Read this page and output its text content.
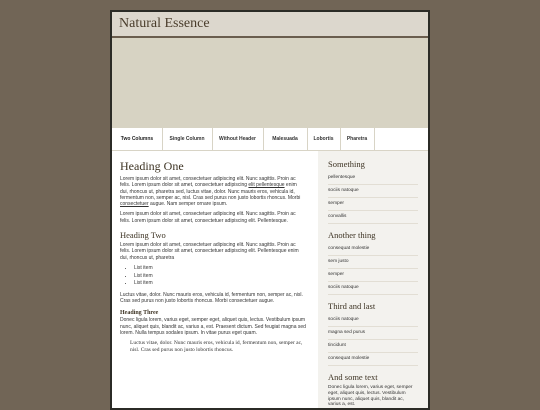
Natural Essence
Two Columns	Single Column	Without Header	Malesuada	Lobortis	Pharetra
Heading One

Lorem ipsum dolor sit amet, consectetuer adipiscing elit. Nunc sagittis. Proin ac felis. Lorem ipsum dolor sit amet, consectetuer adipiscing elit pellentesque enim dui, rhoncus ut, pharetra sed, luctus vitae, dolor. Nunc mauris eros, vehicula id, fermentum non, semper ac, nisl. Cras sed purus non justo lobortis rhoncus. Morbi consectetuer augue. Nam semper ornare ipsum.

Lorem ipsum dolor sit amet, consectetuer adipiscing elit. Nunc sagittis. Proin ac felis. Lorem ipsum dolor sit amet, consectetuer adipiscing elit. Pellentesque.

Heading Two

Lorem ipsum dolor sit amet, consectetuer adipiscing elit. Nunc sagittis. Proin ac felis. Lorem ipsum dolor sit amet, consectetuer adipiscing elit. Pellentesque enim dui, rhoncus ut, pharetra

• List item
• List item
• List item

Luctus vitae, dolor. Nunc mauris eros, vehicula id, fermentum non, semper ac, nisl. Cras sed purus non justo lobortis rhoncus. Morbi consectetuer augue.

Heading Three

Donec ligula lorem, varius eget, semper eget, aliquet quis, lectus. Vestibulum ipsum nunc, aliquet quis, blandit ac, varius a, est. Praesent dictum. Sed feugiat magna sed lorem. Nulla tempus sodales ipsum. In vitae purus eget quam.

Luctus vitae, dolor. Nunc mauris eros, vehicula id, fermentum non, semper ac, nisl. Cras sed purus non justo lobortis rhoncus.
Something
pellentesque
sociis natoque
semper
convallis
Another thing
consequat molestie
sem justo
semper
sociis natoque
Third and last
sociis natoque
magna sed purus
tincidunt
consequat molestie
And some text

Donec ligula lorem, varius eget, semper eget, aliquet quis, lectus. Vestibulum ipsum nunc, aliquet quis, blandit ac, varius a, est.
